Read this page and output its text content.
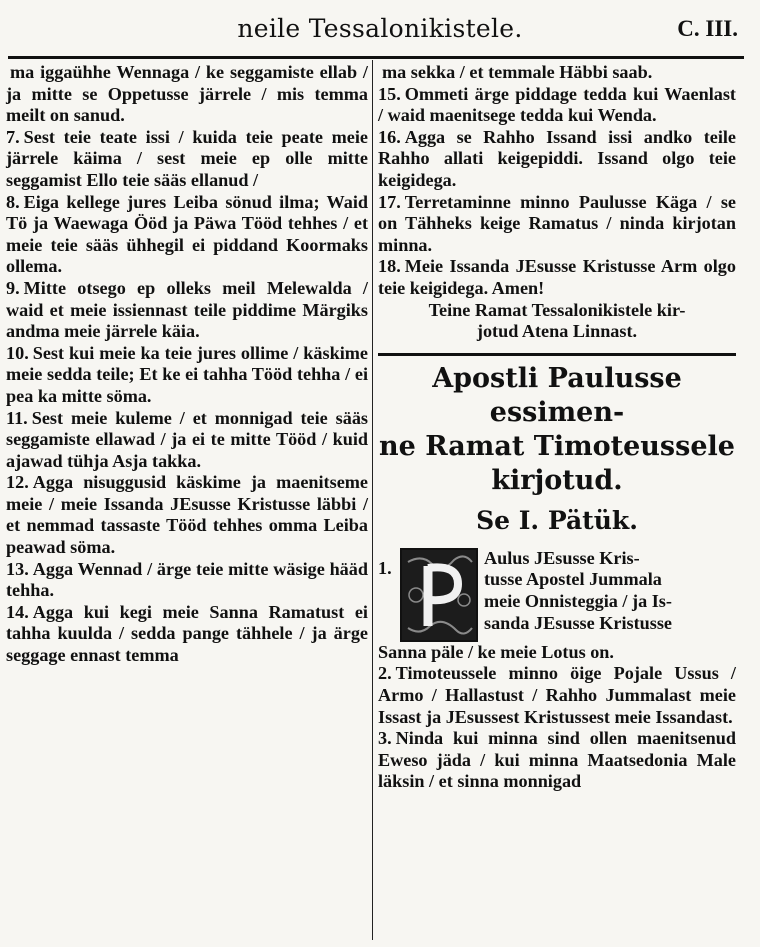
neile Tessalonikistele.	C. III.

ma iggaühhe Wennaga / ke seggamiste ellab / ja mitte se Oppetusse järrele / mis temma meilt on sanud.

7. Sest teie teate issi / kuida teie peate meie järrele käima / sest meie ep olle mitte seggamist Ello teie sääs ellanud /

8. Eiga kellege jures Leiba sönud ilma; Waid Tö ja Waewaga Ööd ja Päwa Tööd tehhes / et meie teie sääs ühhegil ei piddand Koormaks ollema.

9. Mitte otsego ep olleks meil Melewalda / waid et meie issiennast teile piddime Märgiks andma meie järrele käia.

10. Sest kui meie ka teie jures ollime / käskime meie sedda teile; Et ke ei tahha Tööd tehha / ei pea ka mitte söma.

11. Sest meie kuleme / et monnigad teie sääs seggamiste ellawad / ja ei te mitte Tööd / kuid ajawad tühja Asja takka.

12. Agga nisuggusid käskime ja maenitseme meie / meie Issanda JEsusse Kristusse läbbi / et nemmad tassaste Tööd tehhes omma Leiba peawad söma.

13. Agga Wennad / ärge teie mitte wäsige hääd tehha.

14. Agga kui kegi meie Sanna Ramatust ei tahha kuulda / sedda pange tähhele / ja ärge seggage ennast temma

ma sekka / et temmale Häbbi saab.

15. Ommeti ärge piddage tedda kui Waenlast / waid maenitsege tedda kui Wenda.

16. Agga se Rahho Issand issi andko teile Rahho allati keigepiddi. Issand olgo teie keigidega.

17. Terretaminne minno Paulusse Käga / se on Tähheks keige Ramatus / ninda kirjotan minna.

18. Meie Issanda JEsusse Kristusse Arm olgo teie keigidega. Amen!

Teine Ramat Tessalonikistele kir-
jotud Atena Linnast.
Apostli Paulusse essimen-
ne Ramat Timoteussele
kirjotud.
Se I. Pätük.
1.	Aulus JEsusse Kris-
tusse Apostel Jummala
meie Onnisteggia / ja Is-
sanda JEsusse Kristusse
Sanna päle / ke meie Lotus on.

2. Timoteussele minno öige Pojale Ussus / Armo / Hallastust / Rahho Jummalast meie Issast ja JEsussest Kristussest meie Issandast.

3. Ninda kui minna sind ollen maenitsenud Eweso jäda / kui minna Maatsedonia Male läksin / et sinna monnigad
